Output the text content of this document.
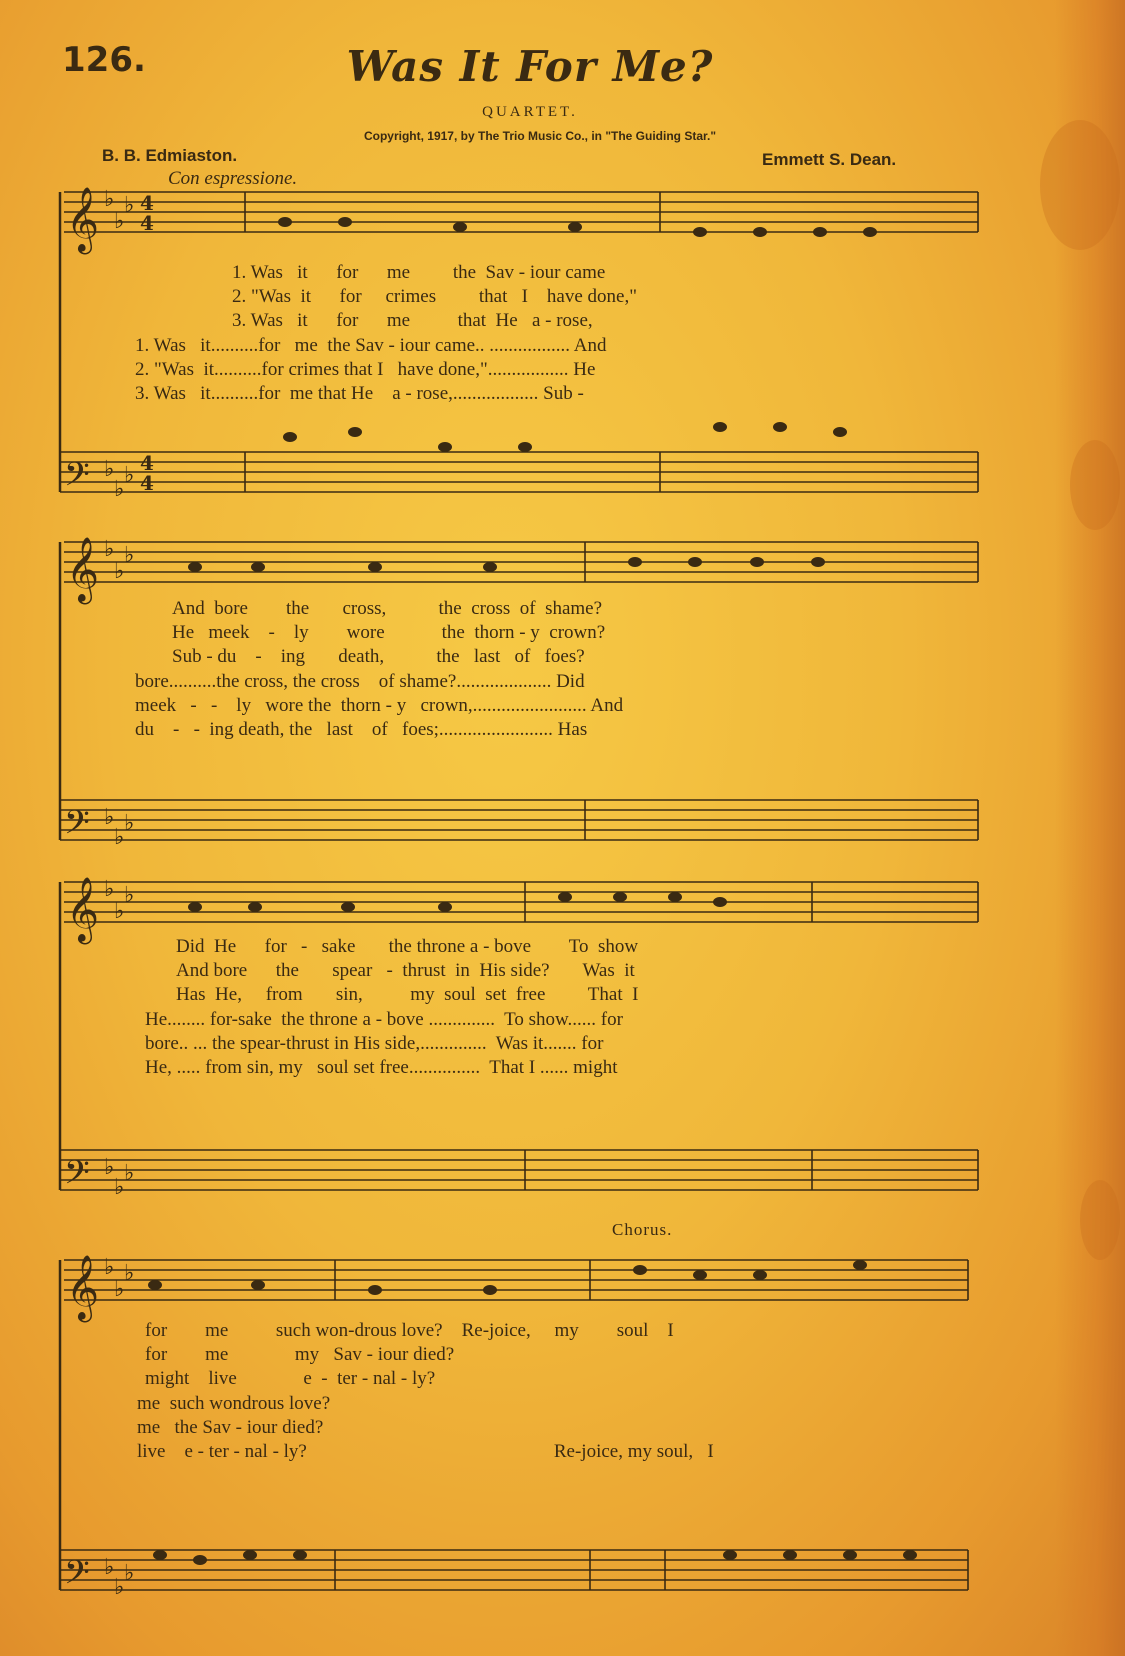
126.	Was It For Me?
QUARTET.
Copyright, 1917, by The Trio Music Co., in "The Guiding Star."
B. B. Edmiaston.	Emmett S. Dean.
Con espressione.
Chorus.
𝄞
𝄞
𝄞
𝄞
𝄢
𝄢
𝄢
𝄢
♭
♭
♭
♭
♭
♭
♭
♭
♭
♭
♭
♭
♭
♭
♭
♭
♭
♭
♭
♭
♭
♭
♭
♭
4
4
4
4
1. Was   it      for      me         the  Sav - iour came
2. "Was  it      for     crimes         that   I    have done,"
3. Was   it      for      me          that  He   a - rose,
1. Was   it..........for   me  the Sav - iour came.. ................. And
2. "Was  it..........for crimes that I   have done,"................. He
3. Was   it..........for  me that He    a - rose,.................. Sub -
And  bore        the       cross,           the  cross  of  shame?
He   meek    -    ly        wore            the  thorn - y  crown?
Sub - du    -    ing       death,           the   last   of   foes?
bore..........the cross, the cross    of shame?.................... Did
meek   -   -    ly   wore the  thorn - y   crown,........................ And
du    -   -  ing death, the   last    of   foes;........................ Has
Did  He      for   -   sake       the throne a - bove        To  show
And bore      the       spear   -  thrust  in  His side?       Was  it
Has  He,     from       sin,          my  soul  set  free         That  I
He........ for-sake  the throne a - bove ..............  To show...... for
bore.. ... the spear-thrust in His side,..............  Was it....... for
He, ..... from sin, my   soul set free...............  That I ...... might
for        me          such won-drous love?    Re-joice,     my        soul    I
for        me              my   Sav - iour died?
might    live              e  -  ter - nal - ly?
me  such wondrous love?
me   the Sav - iour died?
live    e - ter - nal - ly?                                                    Re-joice, my soul,   I
